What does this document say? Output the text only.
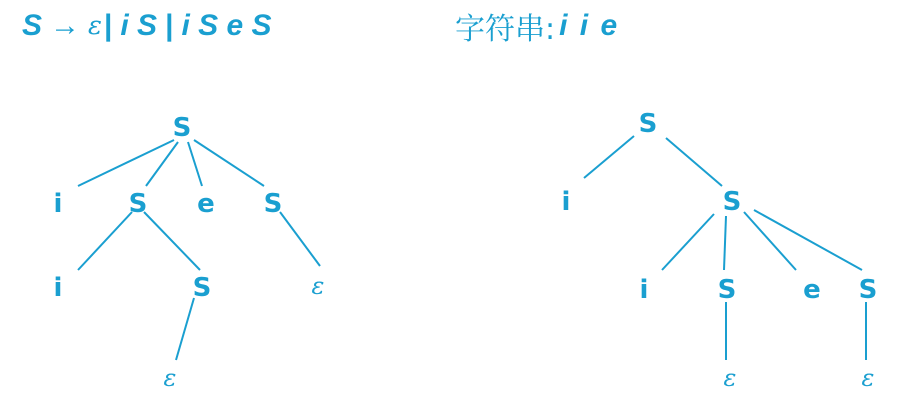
S → ε | i S | i S e S	字符串: i i e
S
i	S e S
i	S	ε
ε
S
i	S
i	S	e S
ε	ε
